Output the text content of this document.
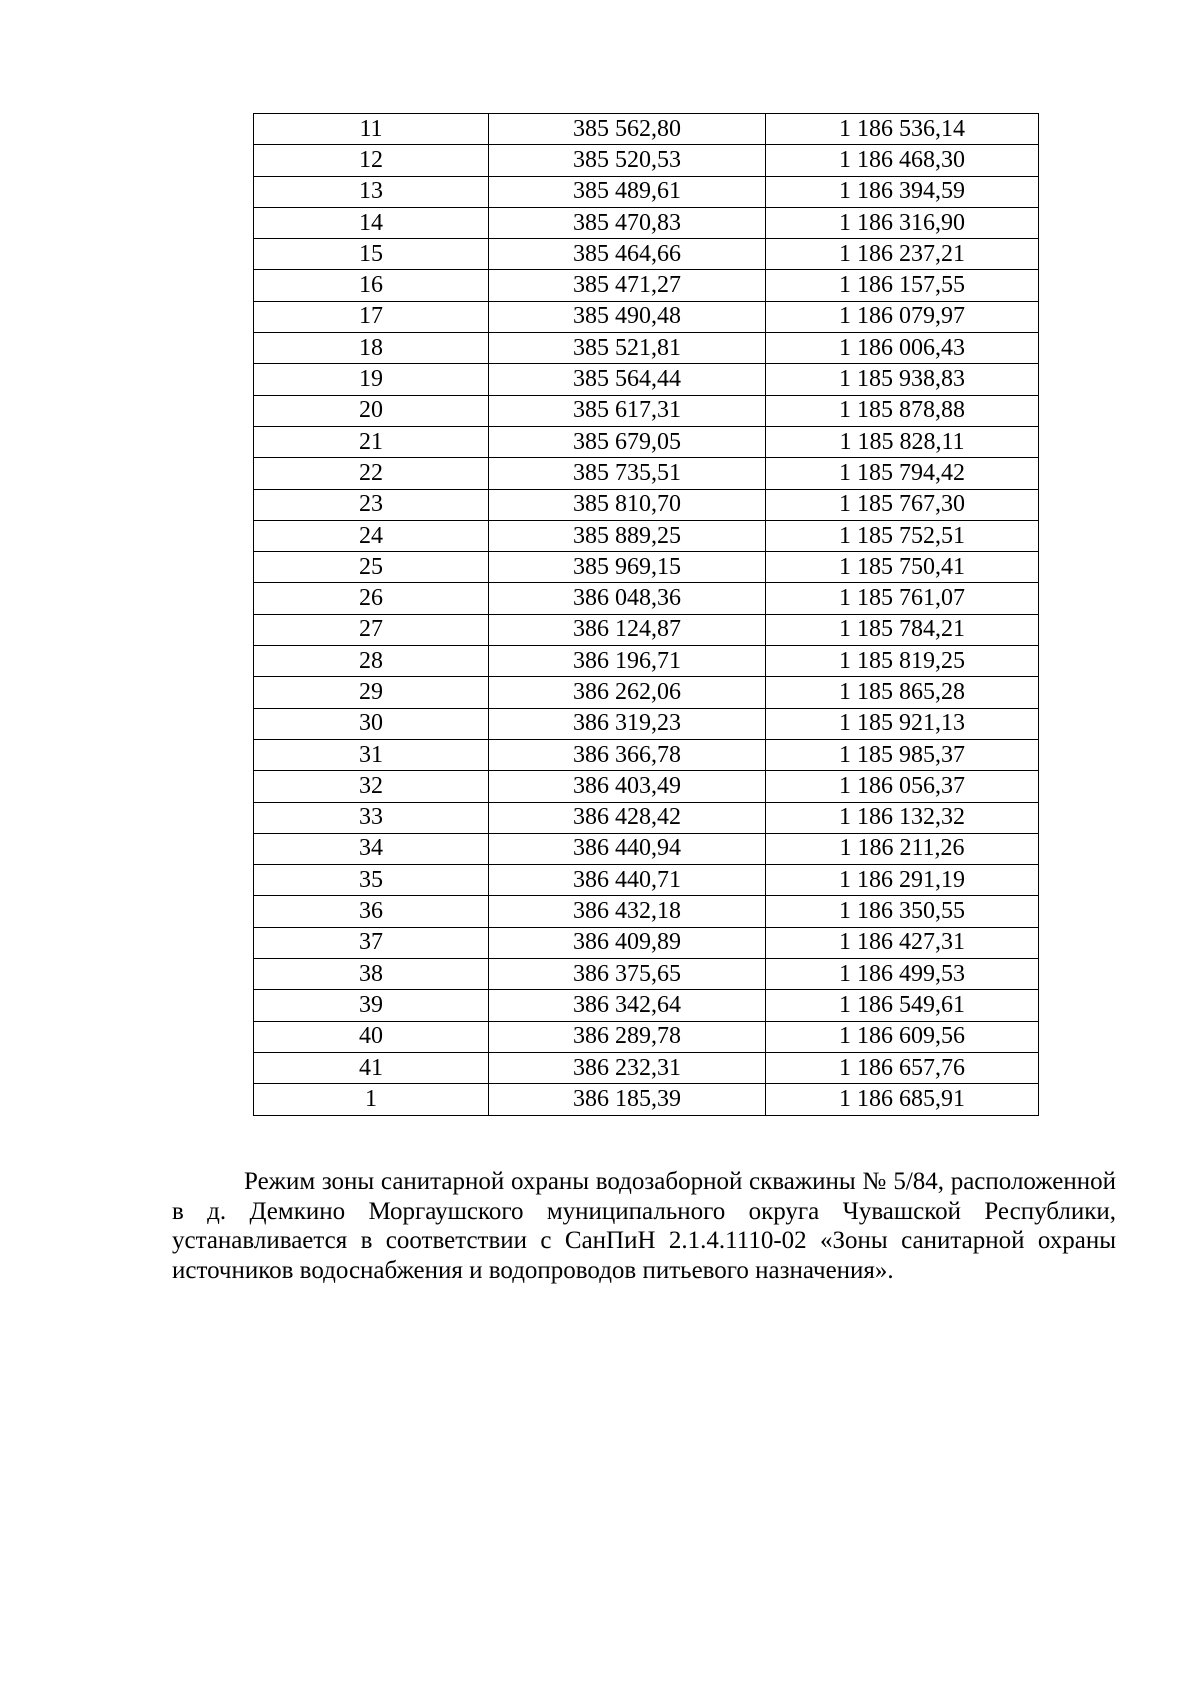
11	385 562,80	1 186 536,14
12	385 520,53	1 186 468,30
13	385 489,61	1 186 394,59
14	385 470,83	1 186 316,90
15	385 464,66	1 186 237,21
16	385 471,27	1 186 157,55
17	385 490,48	1 186 079,97
18	385 521,81	1 186 006,43
19	385 564,44	1 185 938,83
20	385 617,31	1 185 878,88
21	385 679,05	1 185 828,11
22	385 735,51	1 185 794,42
23	385 810,70	1 185 767,30
24	385 889,25	1 185 752,51
25	385 969,15	1 185 750,41
26	386 048,36	1 185 761,07
27	386 124,87	1 185 784,21
28	386 196,71	1 185 819,25
29	386 262,06	1 185 865,28
30	386 319,23	1 185 921,13
31	386 366,78	1 185 985,37
32	386 403,49	1 186 056,37
33	386 428,42	1 186 132,32
34	386 440,94	1 186 211,26
35	386 440,71	1 186 291,19
36	386 432,18	1 186 350,55
37	386 409,89	1 186 427,31
38	386 375,65	1 186 499,53
39	386 342,64	1 186 549,61
40	386 289,78	1 186 609,56
41	386 232,31	1 186 657,76
1	386 185,39	1 186 685,91

Режим зоны санитарной охраны водозаборной скважины № 5/84, расположенной в д. Демкино Моргаушского муниципального округа Чувашской Республики, устанавливается в соответствии с СанПиН 2.1.4.1110-02 «Зоны санитарной охраны источников водоснабжения и водопроводов питьевого назначения».
